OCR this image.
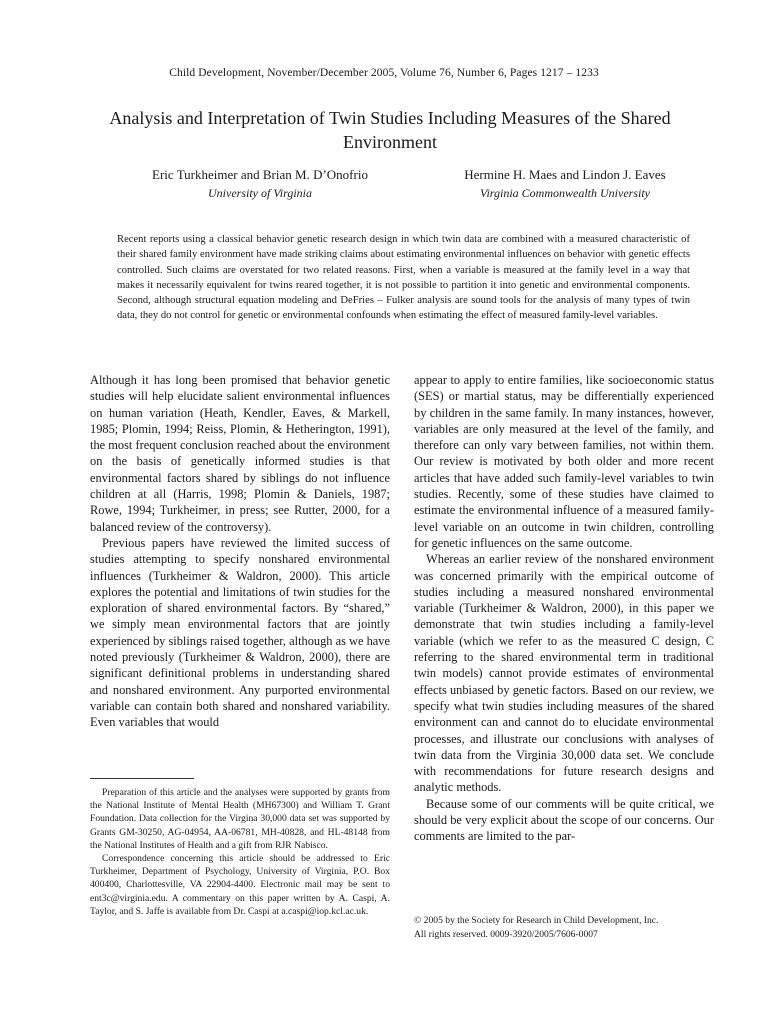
Child Development, November/December 2005, Volume 76, Number 6, Pages 1217 – 1233
Analysis and Interpretation of Twin Studies Including Measures of the Shared Environment
Eric Turkheimer and Brian M. D’Onofrio
University of Virginia
Hermine H. Maes and Lindon J. Eaves
Virginia Commonwealth University
Recent reports using a classical behavior genetic research design in which twin data are combined with a measured characteristic of their shared family environment have made striking claims about estimating environmental influences on behavior with genetic effects controlled. Such claims are overstated for two related reasons. First, when a variable is measured at the family level in a way that makes it necessarily equivalent for twins reared together, it is not possible to partition it into genetic and environmental components. Second, although structural equation modeling and DeFries – Fulker analysis are sound tools for the analysis of many types of twin data, they do not control for genetic or environmental confounds when estimating the effect of measured family-level variables.

Although it has long been promised that behavior genetic studies will help elucidate salient environmental influences on human variation (Heath, Kendler, Eaves, & Markell, 1985; Plomin, 1994; Reiss, Plomin, & Hetherington, 1991), the most frequent conclusion reached about the environment on the basis of genetically informed studies is that environmental factors shared by siblings do not influence children at all (Harris, 1998; Plomin & Daniels, 1987; Rowe, 1994; Turkheimer, in press; see Rutter, 2000, for a balanced review of the controversy).

Previous papers have reviewed the limited success of studies attempting to specify nonshared environmental influences (Turkheimer & Waldron, 2000). This article explores the potential and limitations of twin studies for the exploration of shared environmental factors. By “shared,” we simply mean environmental factors that are jointly experienced by siblings raised together, although as we have noted previously (Turkheimer & Waldron, 2000), there are significant definitional problems in understanding shared and nonshared environment. Any purported environmental variable can contain both shared and nonshared variability. Even variables that would

appear to apply to entire families, like socioeconomic status (SES) or martial status, may be differentially experienced by children in the same family. In many instances, however, variables are only measured at the level of the family, and therefore can only vary between families, not within them. Our review is motivated by both older and more recent articles that have added such family-level variables to twin studies. Recently, some of these studies have claimed to estimate the environmental influence of a measured family-level variable on an outcome in twin children, controlling for genetic influences on the same outcome.

Whereas an earlier review of the nonshared environment was concerned primarily with the empirical outcome of studies including a measured nonshared environmental variable (Turkheimer & Waldron, 2000), in this paper we demonstrate that twin studies including a family-level variable (which we refer to as the measured C design, C referring to the shared environmental term in traditional twin models) cannot provide estimates of environmental effects unbiased by genetic factors. Based on our review, we specify what twin studies including measures of the shared environment can and cannot do to elucidate environmental processes, and illustrate our conclusions with analyses of twin data from the Virginia 30,000 data set. We conclude with recommendations for future research designs and analytic methods.

Because some of our comments will be quite critical, we should be very explicit about the scope of our concerns. Our comments are limited to the par-

Preparation of this article and the analyses were supported by grants from the National Institute of Mental Health (MH67300) and William T. Grant Foundation. Data collection for the Virgina 30,000 data set was supported by Grants GM-30250, AG-04954, AA-06781, MH-40828, and HL-48148 from the National Institutes of Health and a gift from RJR Nabisco.

Correspondence concerning this article should be addressed to Eric Turkheimer, Department of Psychology, University of Virginia, P.O. Box 400400, Charlottesville, VA 22904-4400. Electronic mail may be sent to ent3c@virginia.edu. A commentary on this paper written by A. Caspi, A. Taylor, and S. Jaffe is available from Dr. Caspi at a.caspi@iop.kcl.ac.uk.

© 2005 by the Society for Research in Child Development, Inc.
All rights reserved. 0009-3920/2005/7606-0007
